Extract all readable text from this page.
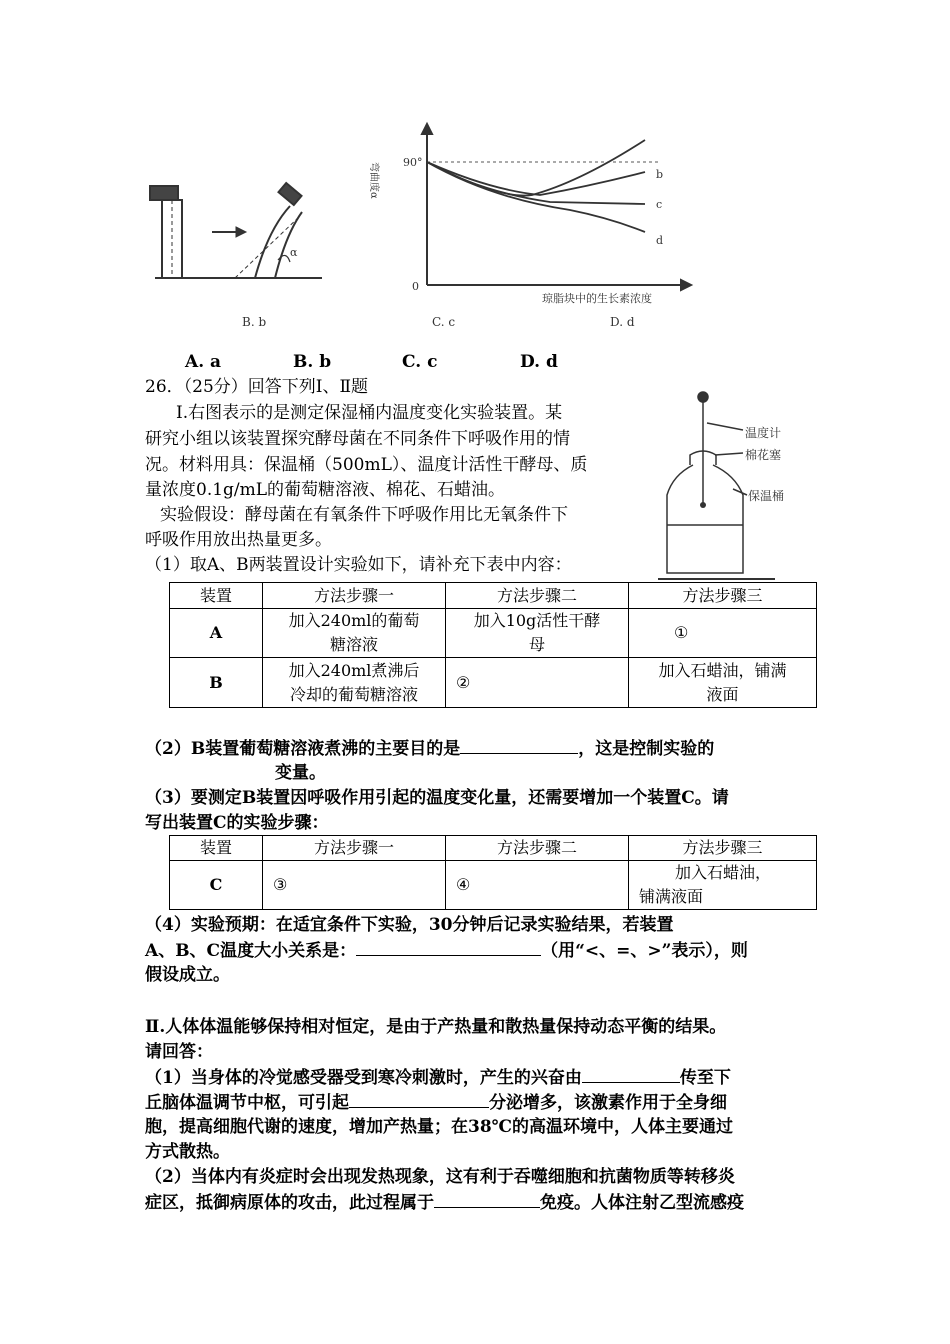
α
弯曲度α 90°
0
琼脂块中的生长素浓度
b
c
d
B. b	C. c	D. d
A. a	B. b	C. c	D. d
26．（25分）回答下列Ⅰ、Ⅱ题
Ⅰ.右图表示的是测定保湿桶内温度变化实验装置。某
研究小组以该装置探究酵母菌在不同条件下呼吸作用的情
况。材料用具：保温桶（500mL）、温度计活性干酵母、质
量浓度0.1g/mL的葡萄糖溶液、棉花、石蜡油。
实验假设：酵母菌在有氧条件下呼吸作用比无氧条件下
呼吸作用放出热量更多。
（1）取A、B两装置设计实验如下，请补充下表中内容：
温度计
棉花塞
保温桶
装置	方法步骤一	方法步骤二	方法步骤三
A	加入240ml的葡萄
糖溶液	加入10g活性干酵
母	①
B	加入240ml煮沸后
冷却的葡萄糖溶液	②	加入石蜡油，铺满
液面
（2）B装置葡萄糖溶液煮沸的主要目的是	，这是控制实验的
变量。
（3）要测定B装置因呼吸作用引起的温度变化量，还需要增加一个装置C。请
写出装置C的实验步骤：
装置	方法步骤一	方法步骤二	方法步骤三
C	③	④	加入石蜡油，
铺满液面
（4）实验预期：在适宜条件下实验，30分钟后记录实验结果，若装置
A、B、C温度大小关系是：	（用“<、=、>”表示），则
假设成立。
Ⅱ.人体体温能够保持相对恒定，是由于产热量和散热量保持动态平衡的结果。
请回答：
（1）当身体的冷觉感受器受到寒冷刺激时，产生的兴奋由	传至下
丘脑体温调节中枢，可引起	分泌增多，该激素作用于全身细
胞，提高细胞代谢的速度，增加产热量；在38℃的高温环境中，人体主要通过
方式散热。
（2）当体内有炎症时会出现发热现象，这有利于吞噬细胞和抗菌物质等转移炎
症区，抵御病原体的攻击，此过程属于	免疫。人体注射乙型流感疫
